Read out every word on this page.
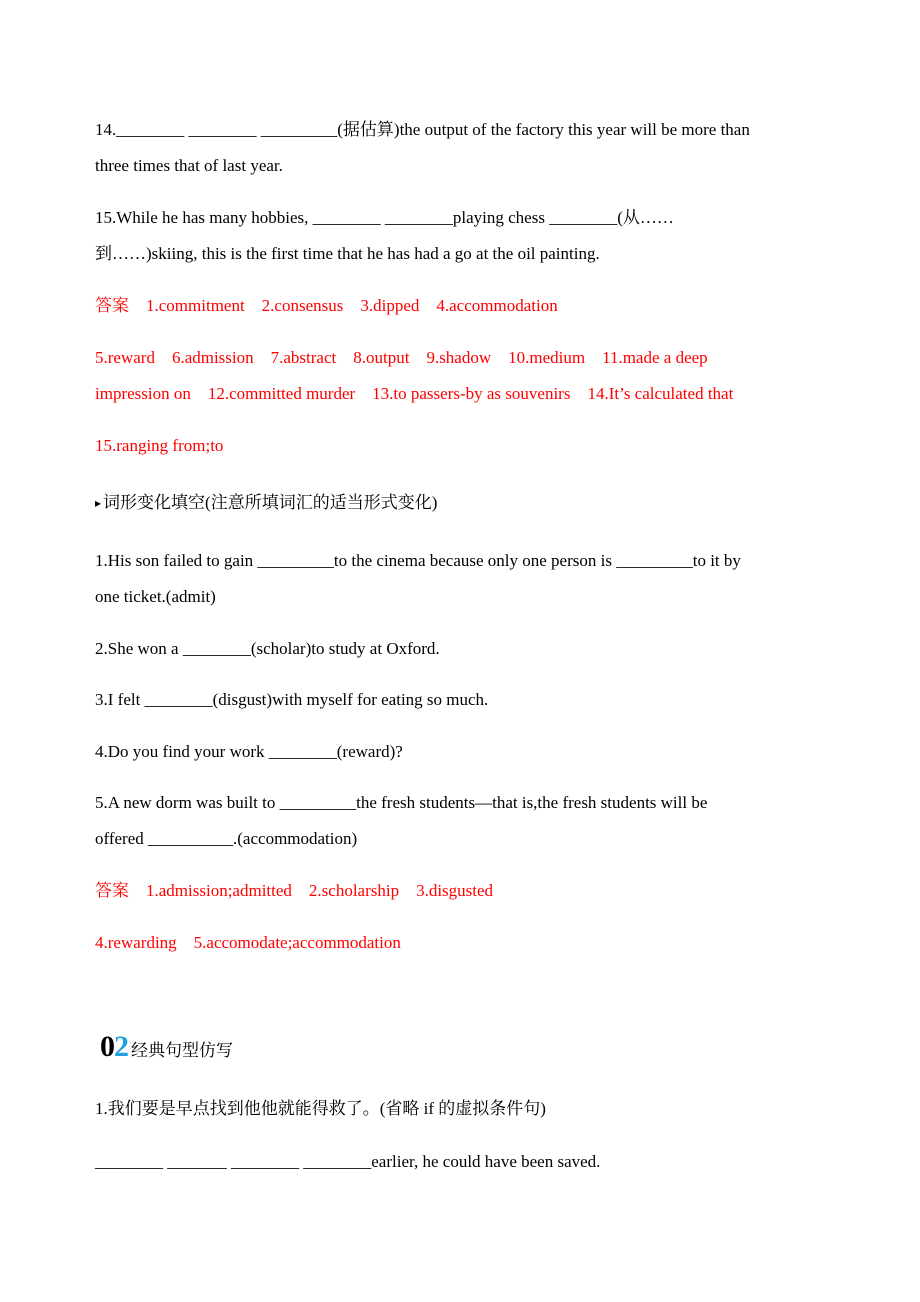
14.________ ________ _________(据估算)the output of the factory this year will be more than
three times that of last year.
15.While he has many hobbies, ________ ________playing chess ________(从……
到……)skiing, this is the first time that he has had a go at the oil painting.
答案　1.commitment　2.consensus　3.dipped　4.accommodation
5.reward　6.admission　7.abstract　8.output　9.shadow　10.medium　11.made a deep
impression on　12.committed murder　13.to passers-by as souvenirs　14.It’s calculated that
15.ranging from;to
▸ 词形变化填空(注意所填词汇的适当形式变化)
1.His son failed to gain _________to the cinema because only one person is _________to it by
one ticket.(admit)
2.She won a ________(scholar)to study at Oxford.
3.I felt ________(disgust)with myself for eating so much.
4.Do you find your work ________(reward)?
5.A new dorm was built to _________the fresh students—that is,the fresh students will be
offered __________.(accommodation)
答案　1.admission;admitted　2.scholarship　3.disgusted
4.rewarding　5.accomodate;accommodation
02 经典句型仿写
1.我们要是早点找到他他就能得救了。(省略 if 的虚拟条件句)
________ _______ ________ ________earlier, he could have been saved.
